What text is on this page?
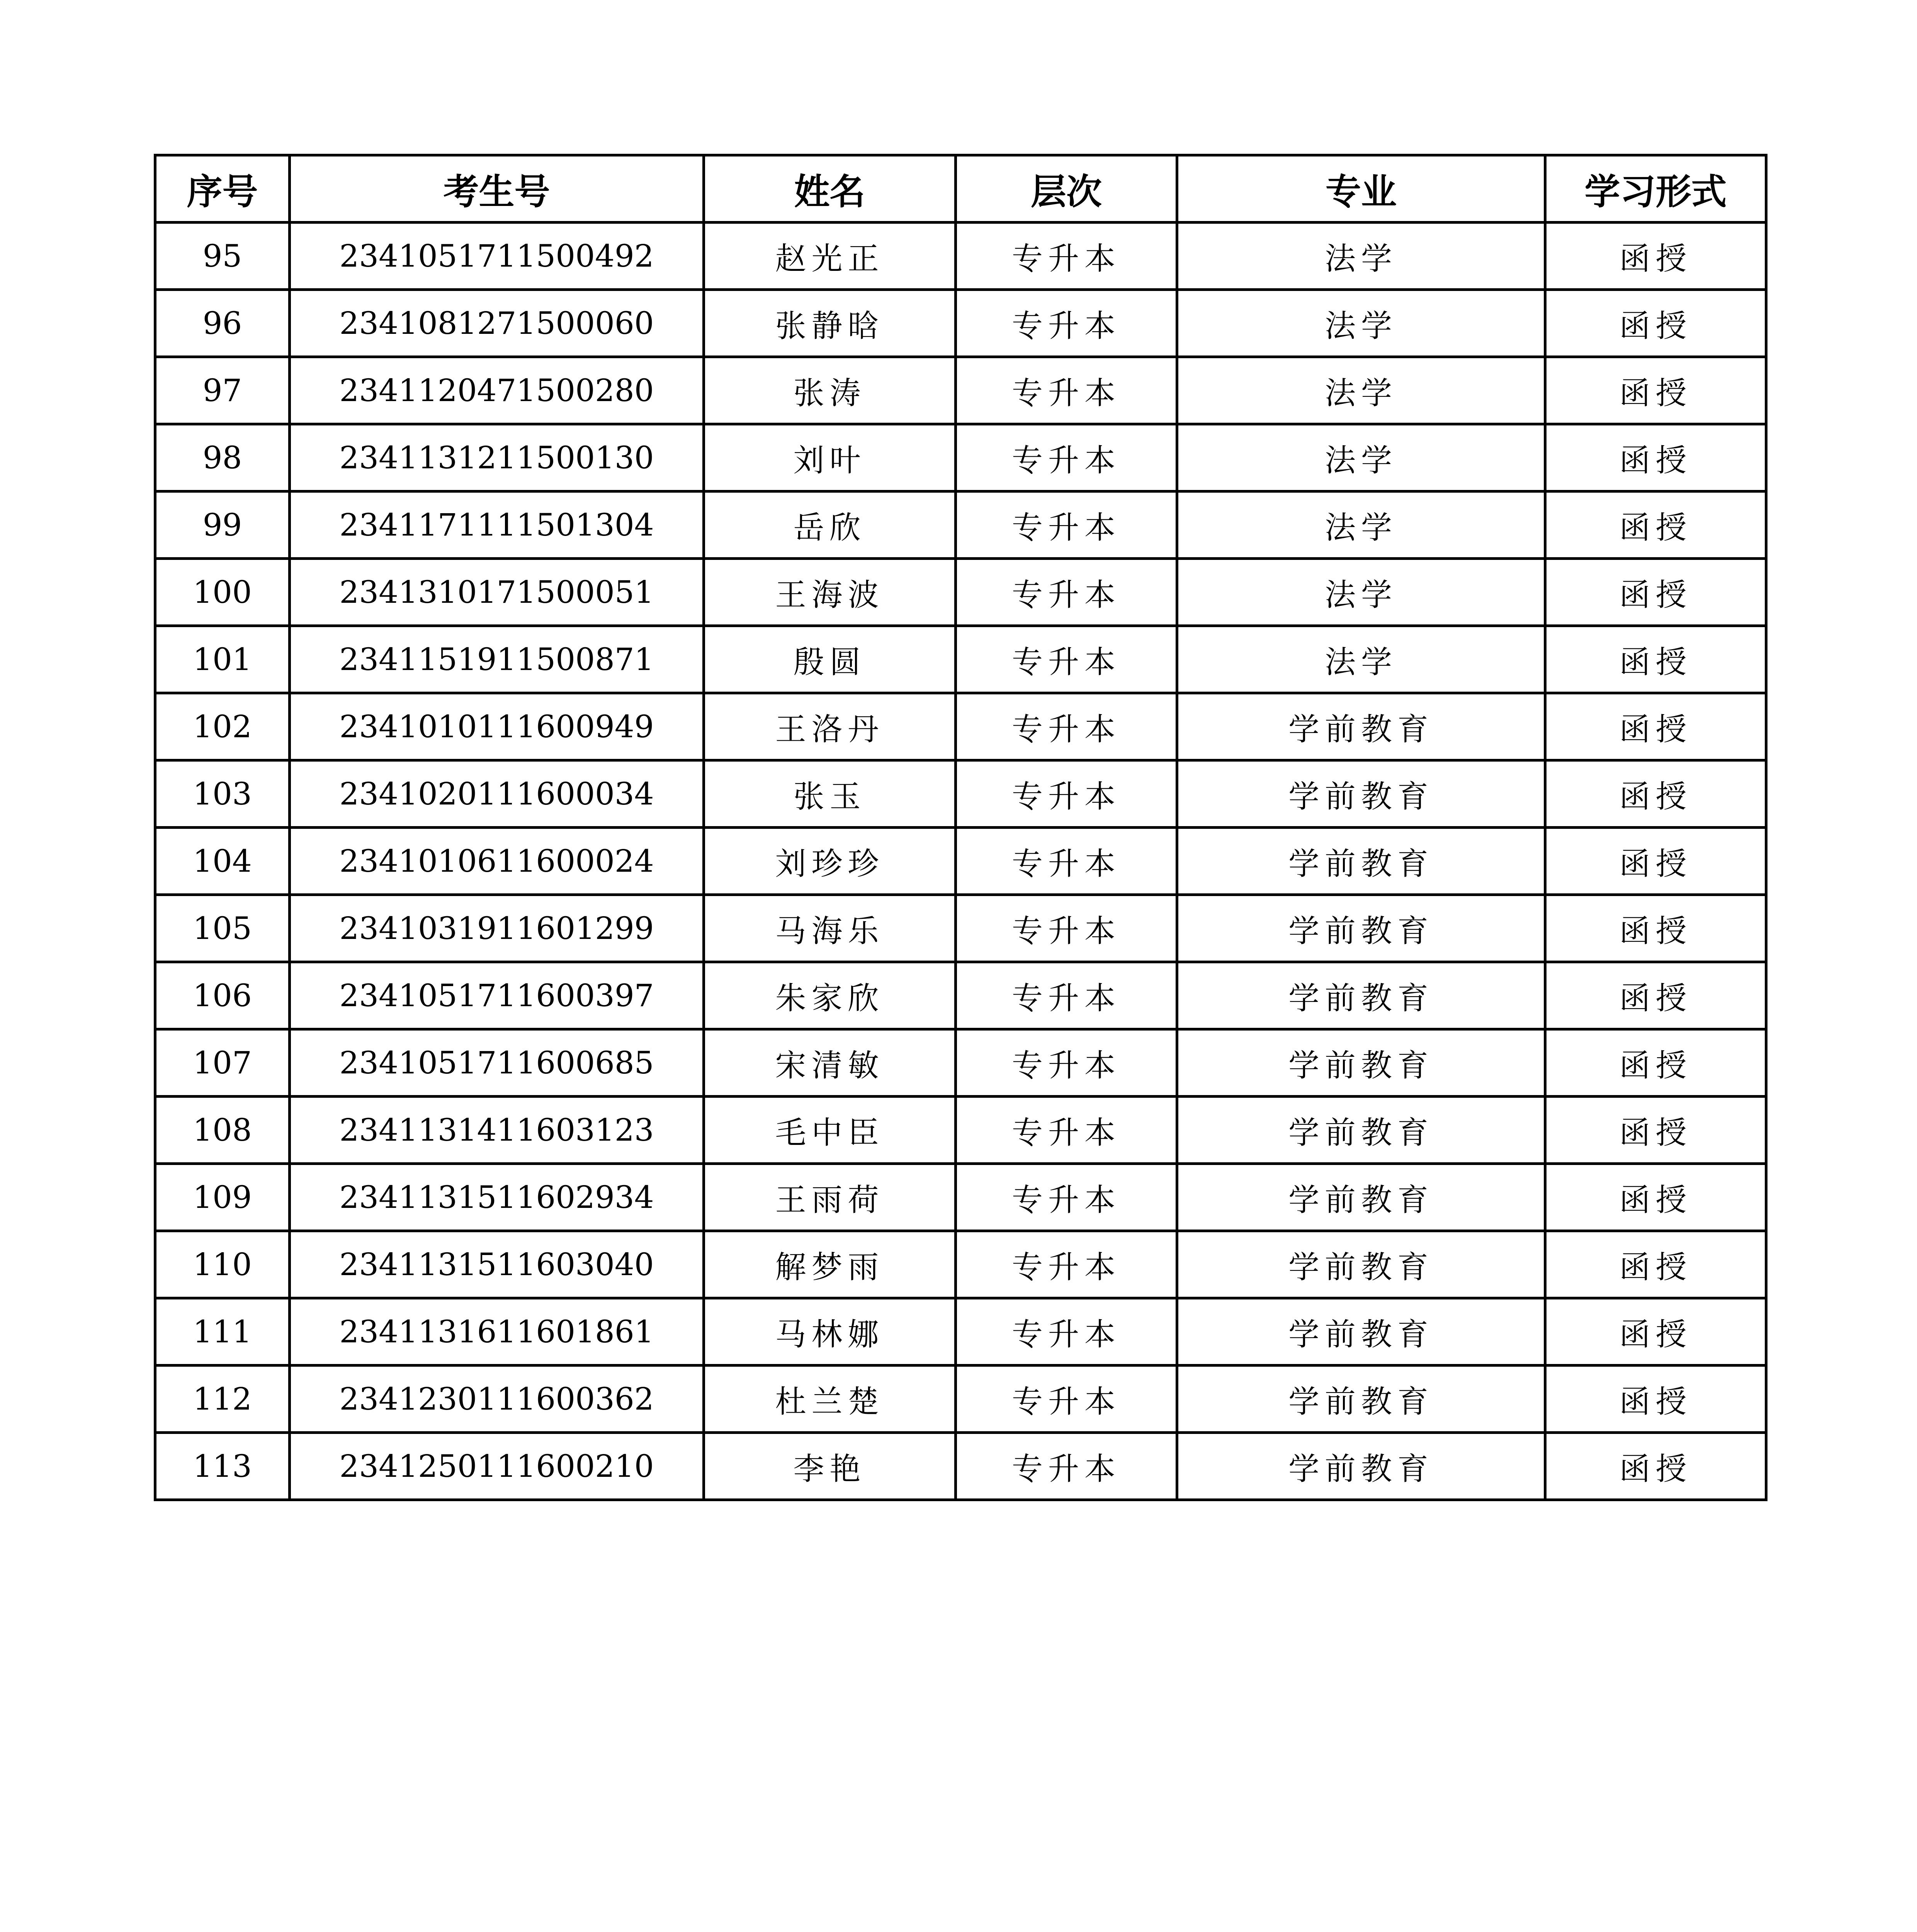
序号	考生号	姓名	层次	专业	学习形式
95	2341051711500492	赵光正	专升本	法学	函授
96	2341081271500060	张静晗	专升本	法学	函授
97	2341120471500280	张涛	专升本	法学	函授
98	2341131211500130	刘叶	专升本	法学	函授
99	2341171111501304	岳欣	专升本	法学	函授
100	2341310171500051	王海波	专升本	法学	函授
101	2341151911500871	殷圆	专升本	法学	函授
102	2341010111600949	王洛丹	专升本	学前教育	函授
103	2341020111600034	张玉	专升本	学前教育	函授
104	2341010611600024	刘珍珍	专升本	学前教育	函授
105	2341031911601299	马海乐	专升本	学前教育	函授
106	2341051711600397	朱家欣	专升本	学前教育	函授
107	2341051711600685	宋清敏	专升本	学前教育	函授
108	2341131411603123	毛中臣	专升本	学前教育	函授
109	2341131511602934	王雨荷	专升本	学前教育	函授
110	2341131511603040	解梦雨	专升本	学前教育	函授
111	2341131611601861	马林娜	专升本	学前教育	函授
112	2341230111600362	杜兰楚	专升本	学前教育	函授
113	2341250111600210	李艳	专升本	学前教育	函授
